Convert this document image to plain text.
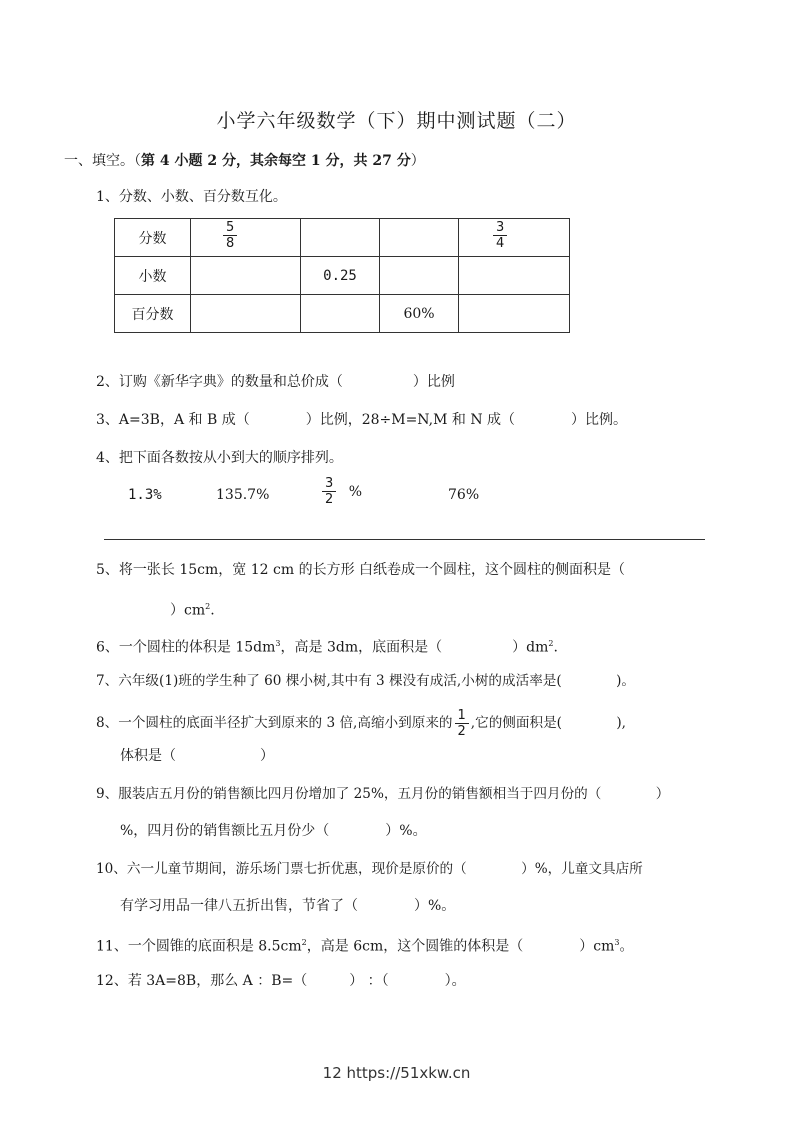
小学六年级数学（下）期中测试题（二）
一、填空。（第 4 小题 2 分，其余每空 1 分，共 27 分）
1、分数、小数、百分数互化。
分数	$\frac{5}{8}$			$\frac{3}{4}$

小数		0.25		
百分数			60%	
2、订购《新华字典》的数量和总价成（　　　　　）比例
3、A=3B，A 和 B 成（　　　　）比例，28÷M=N,M 和 N 成（　　　　）比例。
4、把下面各数按从小到大的顺序排列。
1.3%	135.7%	$\frac{3}{2}$ %	76%
5、将一张长 15cm，宽 12 cm 的长方形 白纸卷成一个圆柱，这个圆柱的侧面积是（
）$cm^2$.
6、一个圆柱的体积是 $15dm^3$，高是 3dm，底面积是（　　　　　）$dm^2$.
7、六年级(1)班的学生种了 60 棵小树,其中有 3 棵没有成活,小树的成活率是(　　　　)。
8、一个圆柱的底面半径扩大到原来的 3 倍,高缩小到原来的 $\frac{1}{2}$ ,它的侧面积是(　　　　),
体积是（　　　　　　）
9、服装店五月份的销售额比四月份增加了 25%，五月份的销售额相当于四月份的（　　　　）
%，四月份的销售额比五月份少（　　　　）%。
10、六一儿童节期间，游乐场门票七折优惠，现价是原价的（　　　　）%，儿童文具店所
有学习用品一律八五折出售，节省了（　　　　）%。
11、一个圆锥的底面积是 $8.5cm^2$，高是 6cm，这个圆锥的体积是（　　　　）$cm^3$。
12、若 3A=8B，那么 A ：B=（　　　） ：（　　　　）。
12 https://51xkw.cn
